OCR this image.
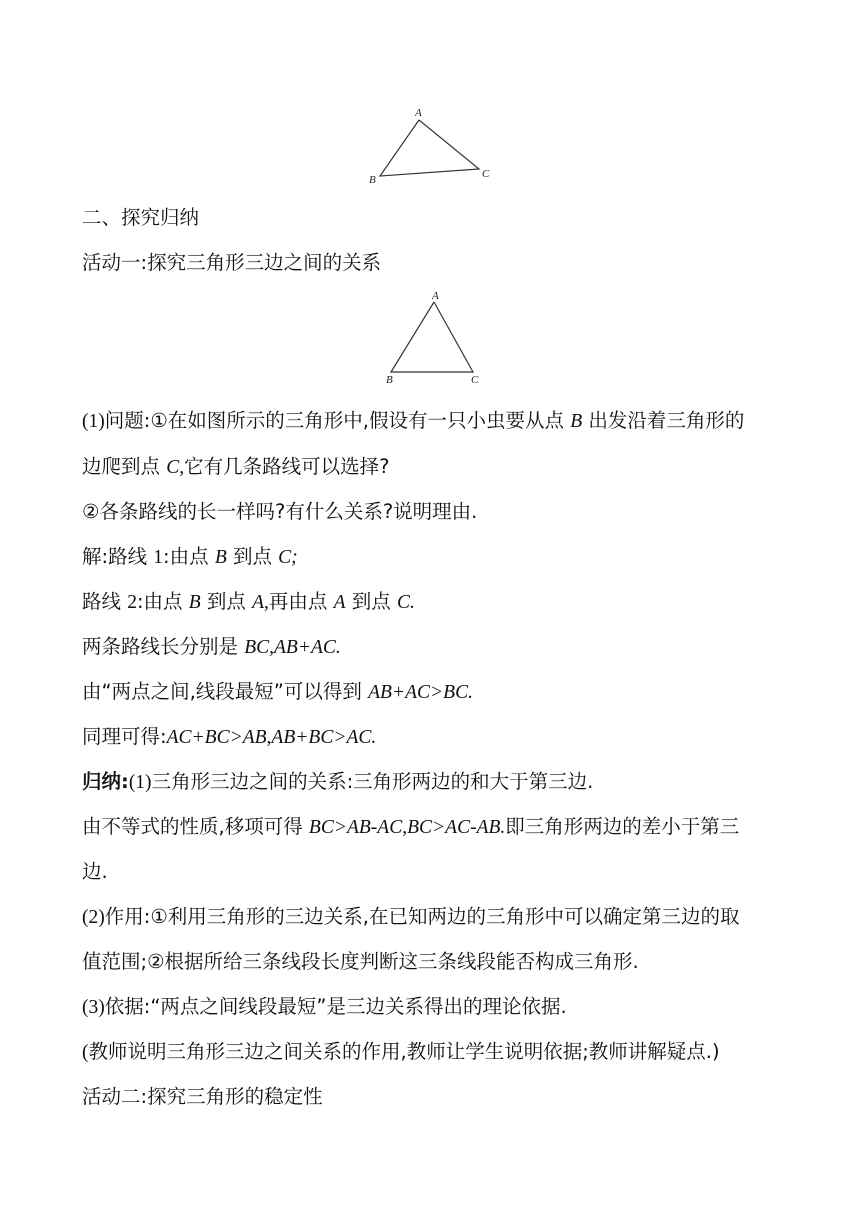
A
B	C
二、探究归纳
活动一:探究三角形三边之间的关系
A
B	C
(1)问题:①在如图所示的三角形中,假设有一只小虫要从点 B 出发沿着三角形的
边爬到点 C,它有几条路线可以选择?
②各条路线的长一样吗?有什么关系?说明理由.
解:路线 1:由点 B 到点 C;
路线 2:由点 B 到点 A,再由点 A 到点 C.
两条路线长分别是 BC,AB+AC.
由“两点之间,线段最短”可以得到 AB+AC>BC.
同理可得:AC+BC>AB,AB+BC>AC.
归纳:(1)三角形三边之间的关系:三角形两边的和大于第三边.
由不等式的性质,移项可得 BC>AB-AC,BC>AC-AB.即三角形两边的差小于第三
边.
(2)作用:①利用三角形的三边关系,在已知两边的三角形中可以确定第三边的取
值范围;②根据所给三条线段长度判断这三条线段能否构成三角形.
(3)依据:“两点之间线段最短”是三边关系得出的理论依据.
(教师说明三角形三边之间关系的作用,教师让学生说明依据;教师讲解疑点.)
活动二:探究三角形的稳定性
